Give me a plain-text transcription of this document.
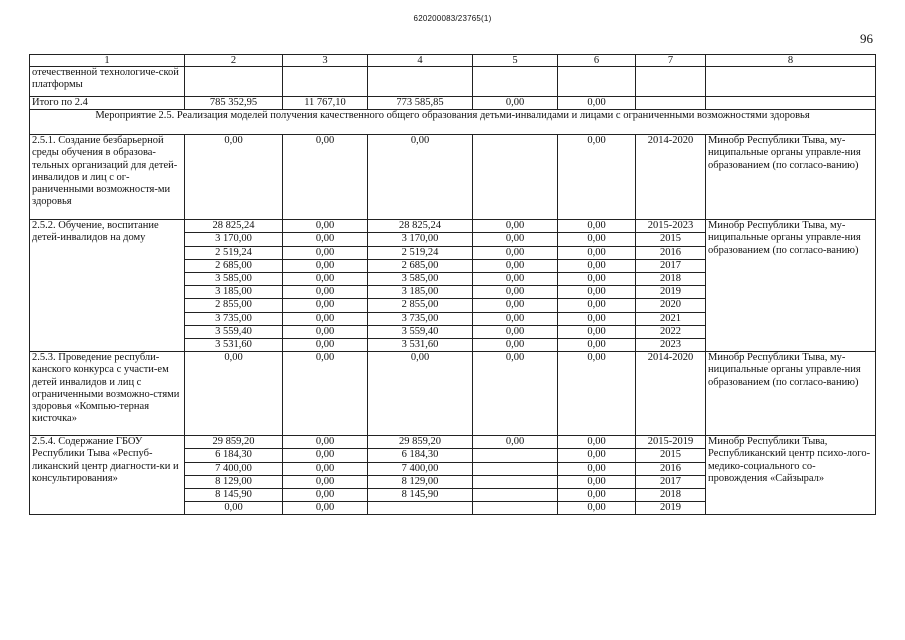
620200083/23765(1)
96
1	2	3	4	5	6	7	8
отечественной технологиче-ской платформы							
Итого по 2.4	785 352,95	11 767,10	773 585,85	0,00	0,00		
Мероприятие 2.5. Реализация моделей получения качественного общего образования детьми-инвалидами и лицами с ограниченными возможностями здоровья							
2.5.1. Создание безбарьерной среды обучения в образова-тельных организаций для детей-инвалидов и лиц с ог-раниченными возможностя-ми здоровья	0,00	0,00	0,00		0,00	2014-2020	Минобр Республики Тыва, му-ниципальные органы управле-ния образованием (по согласо-ванию)
2.5.2. Обучение, воспитание детей-инвалидов на дому	28 825,24	0,00	28 825,24	0,00	0,00	2015-2023	Минобр Республики Тыва, му-ниципальные органы управле-ния образованием (по согласо-ванию)
	3 170,00	0,00	3 170,00	0,00	0,00	2015	
	2 519,24	0,00	2 519,24	0,00	0,00	2016	
	2 685,00	0,00	2 685,00	0,00	0,00	2017	
	3 585,00	0,00	3 585,00	0,00	0,00	2018	
	3 185,00	0,00	3 185,00	0,00	0,00	2019	
	2 855,00	0,00	2 855,00	0,00	0,00	2020	
	3 735,00	0,00	3 735,00	0,00	0,00	2021	
	3 559,40	0,00	3 559,40	0,00	0,00	2022	
	3 531,60	0,00	3 531,60	0,00	0,00	2023	
2.5.3. Проведение республи-канского конкурса с участи-ем детей инвалидов и лиц с ограниченными возможно-стями здоровья «Компью-терная кисточка»	0,00	0,00	0,00	0,00	0,00	2014-2020	Минобр Республики Тыва, му-ниципальные органы управле-ния образованием (по согласо-ванию)
2.5.4. Содержание ГБОУ Республики Тыва «Респуб-ликанский центр диагности-ки и консультирования»	29 859,20	0,00	29 859,20	0,00	0,00	2015-2019	Минобр Республики Тыва, Республиканский центр психо-лого-медико-социального со-провождения «Сайзырал»
	6 184,30	0,00	6 184,30		0,00	2015	
	7 400,00	0,00	7 400,00		0,00	2016	
	8 129,00	0,00	8 129,00		0,00	2017	
	8 145,90	0,00	8 145,90		0,00	2018	
	0,00	0,00			0,00	2019	
